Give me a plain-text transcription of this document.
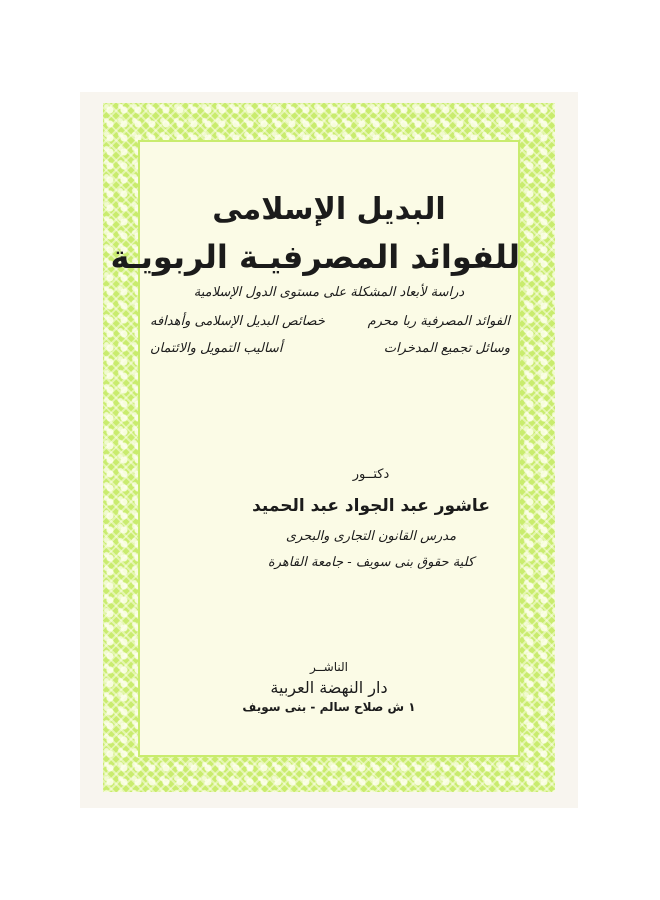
البديل الإسلامى
للفوائد المصرفيـة الربويـة
دراسة لأبعاد المشكلة على مستوى الدول الإسلامية
الفوائد المصرفية ربا محرم
خصائص البديل الإسلامى وأهدافه
وسائل تجميع المدخرات
أساليب التمويل والائتمان
دكتــور
عاشور عبد الجواد عبد الحميد
مدرس القانون التجارى والبحرى
كلية حقوق بنى سويف - جامعة القاهرة
الناشــر
دار النهضة العربية
١ ش صلاح سالم - بنى سويف
